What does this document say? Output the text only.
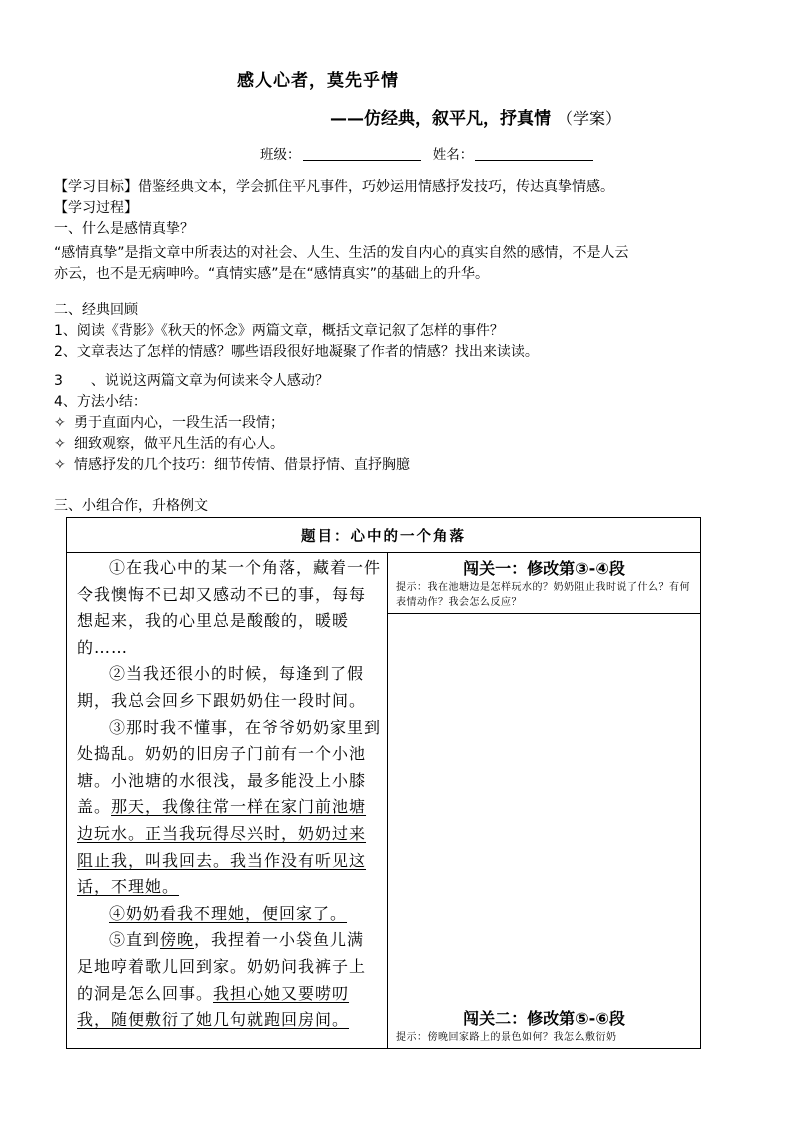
感人心者，莫先乎情
——仿经典，叙平凡，抒真情 （学案）
班级：	姓名：
【学习目标】借鉴经典文本，学会抓住平凡事件，巧妙运用情感抒发技巧，传达真挚情感。
【学习过程】
一、什么是感情真挚？
“感情真挚”是指文章中所表达的对社会、人生、生活的发自内心的真实自然的感情，不是人云
亦云，也不是无病呻吟。“真情实感”是在“感情真实”的基础上的升华。
二、经典回顾
1、阅读《背影》《秋天的怀念》两篇文章，概括文章记叙了怎样的事件？
2、文章表达了怎样的情感？哪些语段很好地凝聚了作者的情感？找出来读读。
3　　、说说这两篇文章为何读来令人感动？
4、方法小结：
✧ 勇于直面内心，一段生活一段情；
✧ 细致观察，做平凡生活的有心人。
✧ 情感抒发的几个技巧：细节传情、借景抒情、直抒胸臆
三、小组合作，升格例文
题目：心中的一个角落

①在我心中的某一个角落，藏着一件令我懊悔不已却又感动不已的事，每每想起来，我的心里总是酸酸的，暖暖的……
②当我还很小的时候，每逢到了假期，我总会回乡下跟奶奶住一段时间。
③那时我不懂事，在爷爷奶奶家里到处捣乱。奶奶的旧房子门前有一个小池塘。小池塘的水很浅，最多能没上小膝盖。那天，我像往常一样在家门前池塘边玩水。正当我玩得尽兴时，奶奶过来阻止我，叫我回去。我当作没有听见这话，不理她。
④奶奶看我不理她，便回家了。
⑤直到傍晚，我捏着一小袋鱼儿满足地哼着歌儿回到家。奶奶问我裤子上的洞是怎么回事。我担心她又要唠叨我，随便敷衍了她几句就跑回房间。

闯关一：修改第③-④段
提示：我在池塘边是怎样玩水的？奶奶阻止我时说了什么？有何表情动作？我会怎么反应？
闯关二：修改第⑤-⑥段
提示：傍晚回家路上的景色如何？我怎么敷衍奶
